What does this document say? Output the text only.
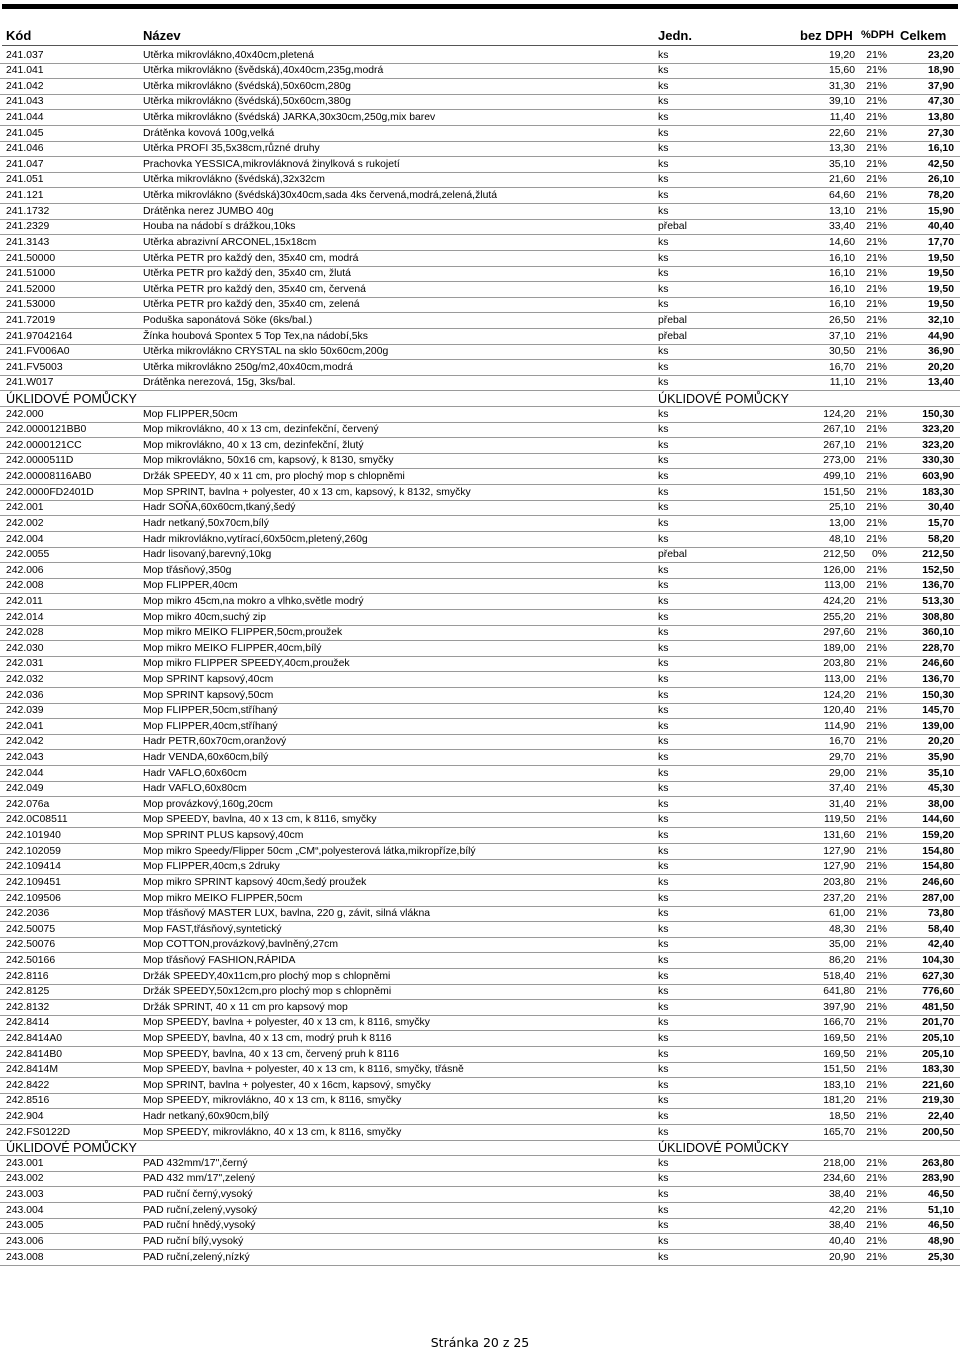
Kód	Název	Jedn.	bez DPH %DPH Celkem
241.037	Utěrka mikrovlákno,40x40cm,pletená	ks	19,20 21%	23,20
241.041	Utěrka mikrovlákno (švědská),40x40cm,235g,modrá	ks	15,60 21%	18,90
241.042	Utěrka mikrovlákno (švédská),50x60cm,280g	ks	31,30 21%	37,90
241.043	Utěrka mikrovlákno (švédská),50x60cm,380g	ks	39,10 21%	47,30
241.044	Utěrka mikrovlákno (švédská) JARKA,30x30cm,250g,mix barev	ks	11,40 21%	13,80
241.045	Drátěnka kovová 100g,velká	ks	22,60 21%	27,30
241.046	Utěrka PROFI 35,5x38cm,různé druhy	ks	13,30 21%	16,10
241.047	Prachovka YESSICA,mikrovláknová žinylková s rukojetí	ks	35,10 21%	42,50
241.051	Utěrka mikrovlákno (švédská),32x32cm	ks	21,60 21%	26,10
241.121	Utěrka mikrovlákno (švédská)30x40cm,sada 4ks červená,modrá,zelená,žlutá	ks	64,60 21%	78,20
241.1732	Drátěnka nerez JUMBO 40g	ks	13,10 21%	15,90
241.2329	Houba na nádobí s drážkou,10ks	přebal	33,40 21%	40,40
241.3143	Utěrka abrazivní ARCONEL,15x18cm	ks	14,60 21%	17,70
241.50000	Utěrka PETR pro každý den, 35x40 cm, modrá	ks	16,10 21%	19,50
241.51000	Utěrka PETR pro každý den, 35x40 cm, žlutá	ks	16,10 21%	19,50
241.52000	Utěrka PETR pro každý den, 35x40 cm, červená	ks	16,10 21%	19,50
241.53000	Utěrka PETR pro každý den, 35x40 cm, zelená	ks	16,10 21%	19,50
241.72019	Poduška saponátová Söke (6ks/bal.)	přebal	26,50 21%	32,10
241.97042164	Žínka houbová Spontex 5 Top Tex,na nádobí,5ks	přebal	37,10 21%	44,90
241.FV006A0	Utěrka mikrovlákno CRYSTAL na sklo 50x60cm,200g	ks	30,50 21%	36,90
241.FV5003	Utěrka mikrovlákno 250g/m2,40x40cm,modrá	ks	16,70 21%	20,20
241.W017	Drátěnka nerezová, 15g, 3ks/bal.	ks	11,10 21%	13,40
ÚKLIDOVÉ POMŮCKY	ÚKLIDOVÉ POMŮCKY
242.000	Mop FLIPPER,50cm	ks	124,20 21%	150,30
242.0000121BB0	Mop mikrovlákno, 40 x 13 cm, dezinfekční, červený	ks	267,10 21%	323,20
242.0000121CC	Mop mikrovlákno, 40 x 13 cm, dezinfekční, žlutý	ks	267,10 21%	323,20
242.0000511D	Mop mikrovlákno, 50x16 cm, kapsový, k 8130, smyčky	ks	273,00 21%	330,30
242.00008116AB0	Držák SPEEDY, 40 x 11 cm, pro plochý mop s chlopněmi	ks	499,10 21%	603,90
242.0000FD2401D	Mop SPRINT, bavlna + polyester, 40 x 13 cm, kapsový, k 8132, smyčky	ks	151,50 21%	183,30
242.001	Hadr SOŇA,60x60cm,tkaný,šedý	ks	25,10 21%	30,40
242.002	Hadr netkaný,50x70cm,bílý	ks	13,00 21%	15,70
242.004	Hadr mikrovlákno,vytírací,60x50cm,pletený,260g	ks	48,10 21%	58,20
242.0055	Hadr lisovaný,barevný,10kg	přebal	212,50 0%	212,50
242.006	Mop třásňový,350g	ks	126,00 21%	152,50
242.008	Mop FLIPPER,40cm	ks	113,00 21%	136,70
242.011	Mop mikro 45cm,na mokro a vlhko,světle modrý	ks	424,20 21%	513,30
242.014	Mop mikro 40cm,suchý zip	ks	255,20 21%	308,80
242.028	Mop mikro MEIKO FLIPPER,50cm,proužek	ks	297,60 21%	360,10
242.030	Mop mikro MEIKO FLIPPER,40cm,bílý	ks	189,00 21%	228,70
242.031	Mop mikro FLIPPER SPEEDY,40cm,proužek	ks	203,80 21%	246,60
242.032	Mop SPRINT kapsový,40cm	ks	113,00 21%	136,70
242.036	Mop SPRINT kapsový,50cm	ks	124,20 21%	150,30
242.039	Mop FLIPPER,50cm,stříhaný	ks	120,40 21%	145,70
242.041	Mop FLIPPER,40cm,stříhaný	ks	114,90 21%	139,00
242.042	Hadr PETR,60x70cm,oranžový	ks	16,70 21%	20,20
242.043	Hadr VENDA,60x60cm,bílý	ks	29,70 21%	35,90
242.044	Hadr VAFLO,60x60cm	ks	29,00 21%	35,10
242.049	Hadr VAFLO,60x80cm	ks	37,40 21%	45,30
242.076a	Mop provázkový,160g,20cm	ks	31,40 21%	38,00
242.0C08511	Mop SPEEDY, bavlna, 40 x 13 cm, k 8116, smyčky	ks	119,50 21%	144,60
242.101940	Mop SPRINT PLUS kapsový,40cm	ks	131,60 21%	159,20
242.102059	Mop mikro Speedy/Flipper 50cm „CM“,polyesterová látka,mikropříze,bílý	ks	127,90 21%	154,80
242.109414	Mop FLIPPER,40cm,s 2druky	ks	127,90 21%	154,80
242.109451	Mop mikro SPRINT kapsový 40cm,šedý proužek	ks	203,80 21%	246,60
242.109506	Mop mikro MEIKO FLIPPER,50cm	ks	237,20 21%	287,00
242.2036	Mop třásňový MASTER LUX, bavlna, 220 g, závit, silná vlákna	ks	61,00 21%	73,80
242.50075	Mop FAST,třásňový,syntetický	ks	48,30 21%	58,40
242.50076	Mop COTTON,provázkový,bavlněný,27cm	ks	35,00 21%	42,40
242.50166	Mop třásňový FASHION,RÁPIDA	ks	86,20 21%	104,30
242.8116	Držák SPEEDY,40x11cm,pro plochý mop s chlopněmi	ks	518,40 21%	627,30
242.8125	Držák SPEEDY,50x12cm,pro plochý mop s chlopněmi	ks	641,80 21%	776,60
242.8132	Držák SPRINT, 40 x 11 cm pro kapsový mop	ks	397,90 21%	481,50
242.8414	Mop SPEEDY, bavlna + polyester, 40 x 13 cm, k 8116, smyčky	ks	166,70 21%	201,70
242.8414A0	Mop SPEEDY, bavlna, 40 x 13 cm, modrý pruh k 8116	ks	169,50 21%	205,10
242.8414B0	Mop SPEEDY, bavlna, 40 x 13 cm, červený pruh k 8116	ks	169,50 21%	205,10
242.8414M	Mop SPEEDY, bavlna + polyester, 40 x 13 cm, k 8116, smyčky, třásně	ks	151,50 21%	183,30
242.8422	Mop SPRINT, bavlna + polyester, 40 x 16cm, kapsový, smyčky	ks	183,10 21%	221,60
242.8516	Mop SPEEDY, mikrovlákno, 40 x 13 cm, k 8116, smyčky	ks	181,20 21%	219,30
242.904	Hadr netkaný,60x90cm,bílý	ks	18,50 21%	22,40
242.FS0122D	Mop SPEEDY, mikrovlákno, 40 x 13 cm, k 8116, smyčky	ks	165,70 21%	200,50
ÚKLIDOVÉ POMŮCKY	ÚKLIDOVÉ POMŮCKY
243.001	PAD 432mm/17",černý	ks	218,00 21%	263,80
243.002	PAD 432 mm/17",zelený	ks	234,60 21%	283,90
243.003	PAD ruční černý,vysoký	ks	38,40 21%	46,50
243.004	PAD ruční,zelený,vysoký	ks	42,20 21%	51,10
243.005	PAD ruční hnědý,vysoký	ks	38,40 21%	46,50
243.006	PAD ruční bílý,vysoký	ks	40,40 21%	48,90
243.008	PAD ruční,zelený,nízký	ks	20,90 21%	25,30
Stránka 20 z 25
